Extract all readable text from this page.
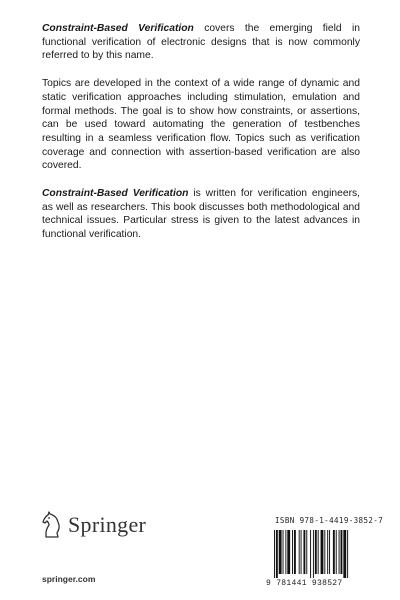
Constraint-Based Verification covers the emerging field in functional verification of electronic designs that is now commonly referred to by this name.

Topics are developed in the context of a wide range of dynamic and static verification approaches including stimulation, emulation and formal methods. The goal is to show how constraints, or assertions, can be used toward automating the generation of testbenches resulting in a seamless verification flow. Topics such as verification coverage and connection with assertion-based verification are also covered.

Constraint-Based Verification is written for verification engineers, as well as researchers. This book discusses both methodological and technical issues. Particular stress is given to the latest advances in functional verification.

Springer
springer.com
ISBN 978-1-4419-3852-7
9 781441 938527
